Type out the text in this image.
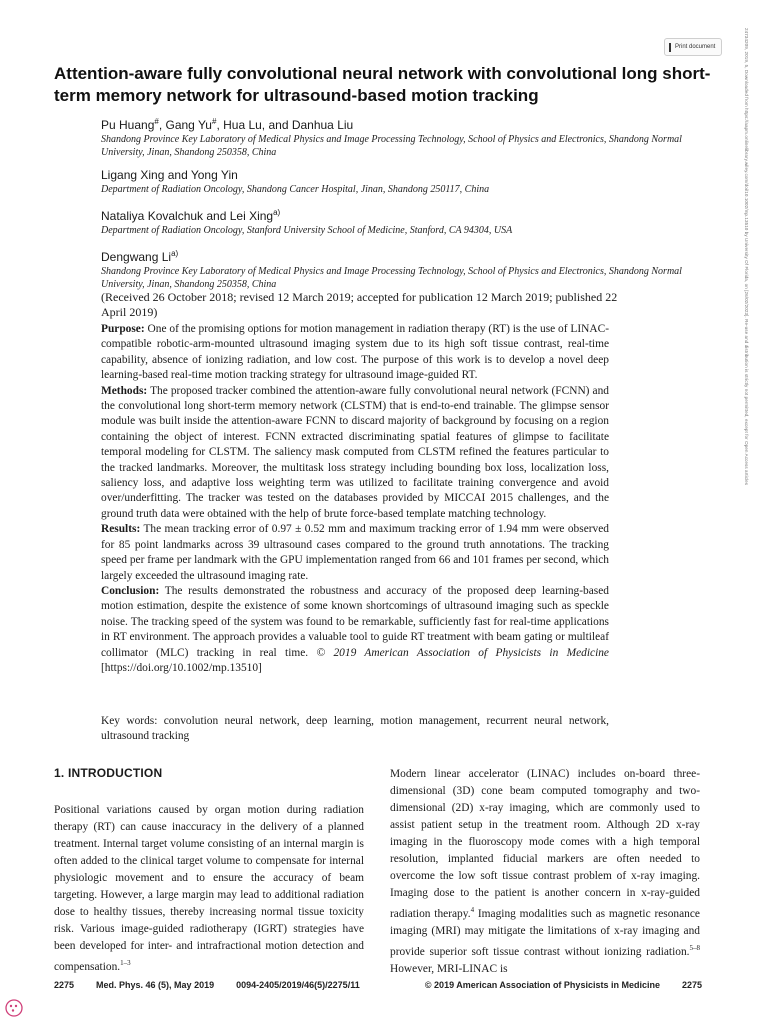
Print document	24734209, 2019, 5, Downloaded from https://aapm.onlinelibrary.wiley.com/doi/10.1002/mp.13510 by University Of Florida, on [26/02/2023]. Re-use and distribution is strictly not permitted, except for Open Access articles
Attention-aware fully convolutional neural network with convolutional long short-term memory network for ultrasound-based motion tracking
Pu Huang#, Gang Yu#, Hua Lu, and Danhua Liu
Shandong Province Key Laboratory of Medical Physics and Image Processing Technology, School of Physics and Electronics, Shandong Normal University, Jinan, Shandong 250358, China
Ligang Xing and Yong Yin
Department of Radiation Oncology, Shandong Cancer Hospital, Jinan, Shandong 250117, China
Nataliya Kovalchuk and Lei Xing$^{a)}$
Department of Radiation Oncology, Stanford University School of Medicine, Stanford, CA 94304, USA
Dengwang Li$^{a)}$
Shandong Province Key Laboratory of Medical Physics and Image Processing Technology, School of Physics and Electronics, Shandong Normal University, Jinan, Shandong 250358, China
(Received 26 October 2018; revised 12 March 2019; accepted for publication 12 March 2019; published 22 April 2019)

Purpose: One of the promising options for motion management in radiation therapy (RT) is the use of LINAC-compatible robotic-arm-mounted ultrasound imaging system due to its high soft tissue contrast, real-time capability, absence of ionizing radiation, and low cost. The purpose of this work is to develop a novel deep learning-based real-time motion tracking strategy for ultrasound image-guided RT.

Methods: The proposed tracker combined the attention-aware fully convolutional neural network (FCNN) and the convolutional long short-term memory network (CLSTM) that is end-to-end trainable. The glimpse sensor module was built inside the attention-aware FCNN to discard majority of background by focusing on a region containing the object of interest. FCNN extracted discriminating spatial features of glimpse to facilitate temporal modeling for CLSTM. The saliency mask computed from CLSTM refined the features particular to the tracked landmarks. Moreover, the multitask loss strategy including bounding box loss, localization loss, saliency loss, and adaptive loss weighting term was utilized to facilitate training convergence and avoid over/underfitting. The tracker was tested on the databases provided by MICCAI 2015 challenges, and the ground truth data were obtained with the help of brute force-based template matching technology.

Results: The mean tracking error of 0.97 ± 0.52 mm and maximum tracking error of 1.94 mm were observed for 85 point landmarks across 39 ultrasound cases compared to the ground truth annotations. The tracking speed per frame per landmark with the GPU implementation ranged from 66 and 101 frames per second, which largely exceeded the ultrasound imaging rate.

Conclusion: The results demonstrated the robustness and accuracy of the proposed deep learning-based motion estimation, despite the existence of some known shortcomings of ultrasound imaging such as speckle noise. The tracking speed of the system was found to be remarkable, sufficiently fast for real-time applications in RT environment. The approach provides a valuable tool to guide RT treatment with beam gating or multileaf collimator (MLC) tracking in real time. © 2019 American Association of Physicists in Medicine [https://doi.org/10.1002/mp.13510]

Key words: convolution neural network, deep learning, motion management, recurrent neural network, ultrasound tracking
1. INTRODUCTION

Positional variations caused by organ motion during radiation therapy (RT) can cause inaccuracy in the delivery of a planned treatment. Internal target volume consisting of an internal margin is often added to the clinical target volume to compensate for internal physiologic movement and to ensure the accuracy of beam targeting. However, a large margin may lead to additional radiation dose to healthy tissues, thereby increasing normal tissue toxicity risk. Various image-guided radiotherapy (IGRT) strategies have been developed for inter- and intrafractional motion detection and compensation.$^{1-3}$

Modern linear accelerator (LINAC) includes on-board three-dimensional (3D) cone beam computed tomography and two-dimensional (2D) x-ray imaging, which are commonly used to assist patient setup in the treatment room. Although 2D x-ray imaging in the fluoroscopy mode comes with a high temporal resolution, implanted fiducial markers are often needed to overcome the low soft tissue contrast problem of x-ray imaging. Imaging dose to the patient is another concern in x-ray-guided radiation therapy.$^4$ Imaging modalities such as magnetic resonance imaging (MRI) may mitigate the limitations of x-ray imaging and provide superior soft tissue contrast without ionizing radiation.$^{5-8}$ However, MRI-LINAC is

2275 Med. Phys. 46 (5), May 2019 0094-2405/2019/46(5)/2275/11	© 2019 American Association of Physicists in Medicine 2275
